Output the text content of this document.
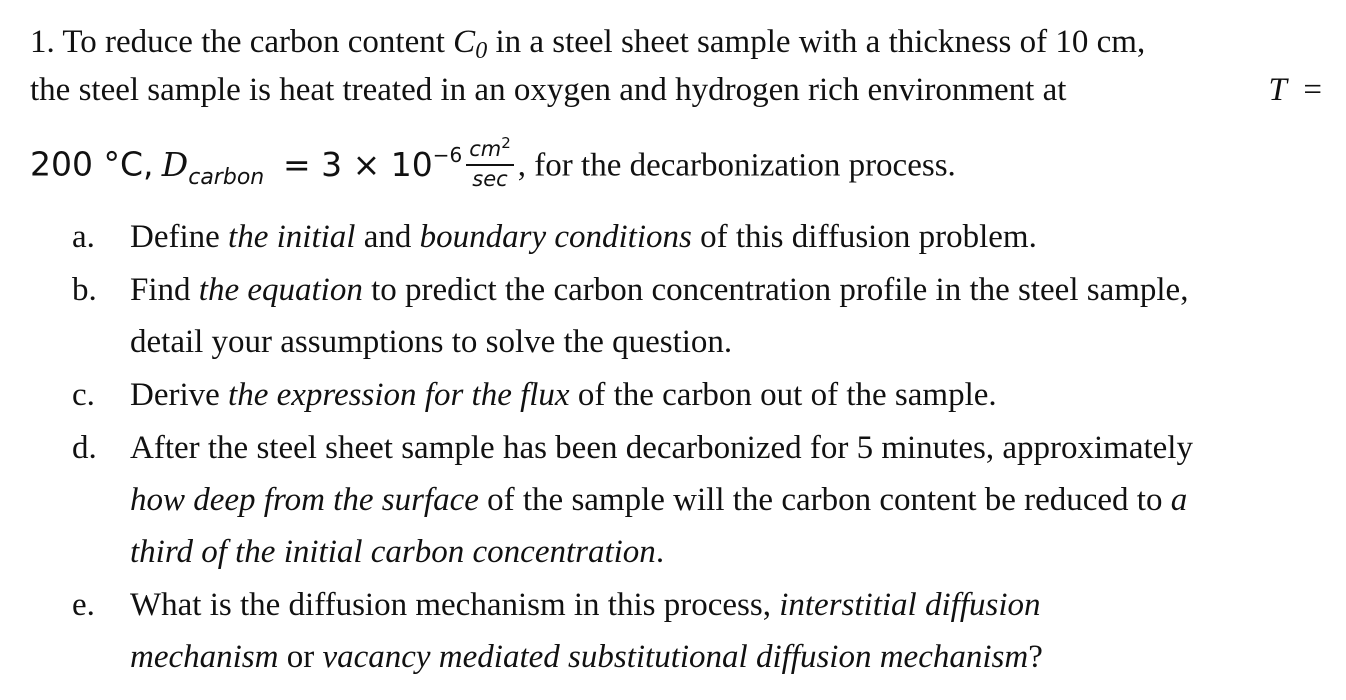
1. To reduce the carbon content C0 in a steel sheet sample with a thickness of 10 cm,
the steel sample is heat treated in an oxygen and hydrogen rich environment at	T =
200 °C, $D_{carbon} = 3 \times 10^{-6} \frac{cm^2}{\sec}$ , for the decarbonization process.
a. Define the initial and boundary conditions of this diffusion problem.
b. Find the equation to predict the carbon concentration profile in the steel sample,
detail your assumptions to solve the question.
c. Derive the expression for the flux of the carbon out of the sample.
d. After the steel sheet sample has been decarbonized for 5 minutes, approximately
how deep from the surface of the sample will the carbon content be reduced to a
third of the initial carbon concentration.
e. What is the diffusion mechanism in this process, interstitial diffusion
mechanism or vacancy mediated substitutional diffusion mechanism?
